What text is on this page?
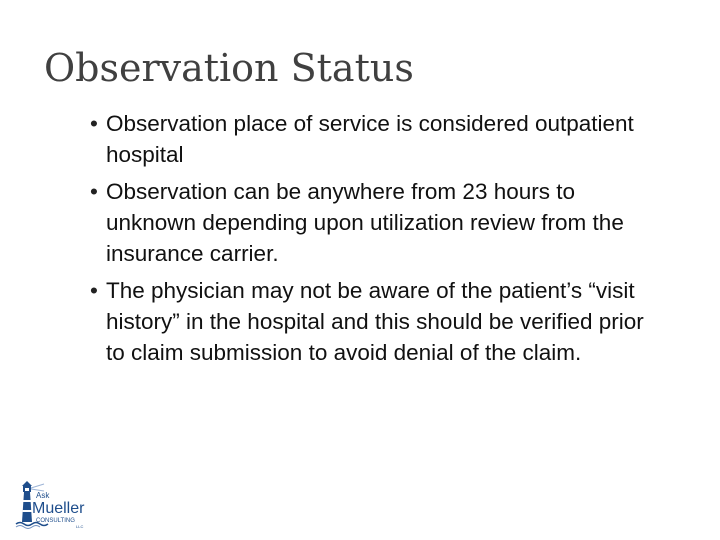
Observation Status
• Observation place of service is considered outpatient hospital
• Observation can be anywhere from 23 hours to unknown depending upon utilization review from the insurance carrier.
• The physician may not be aware of the patient’s “visit history” in the hospital and this should be verified prior to claim submission to avoid denial of the claim.
Ask
Mueller
CONSULTING
LLC
